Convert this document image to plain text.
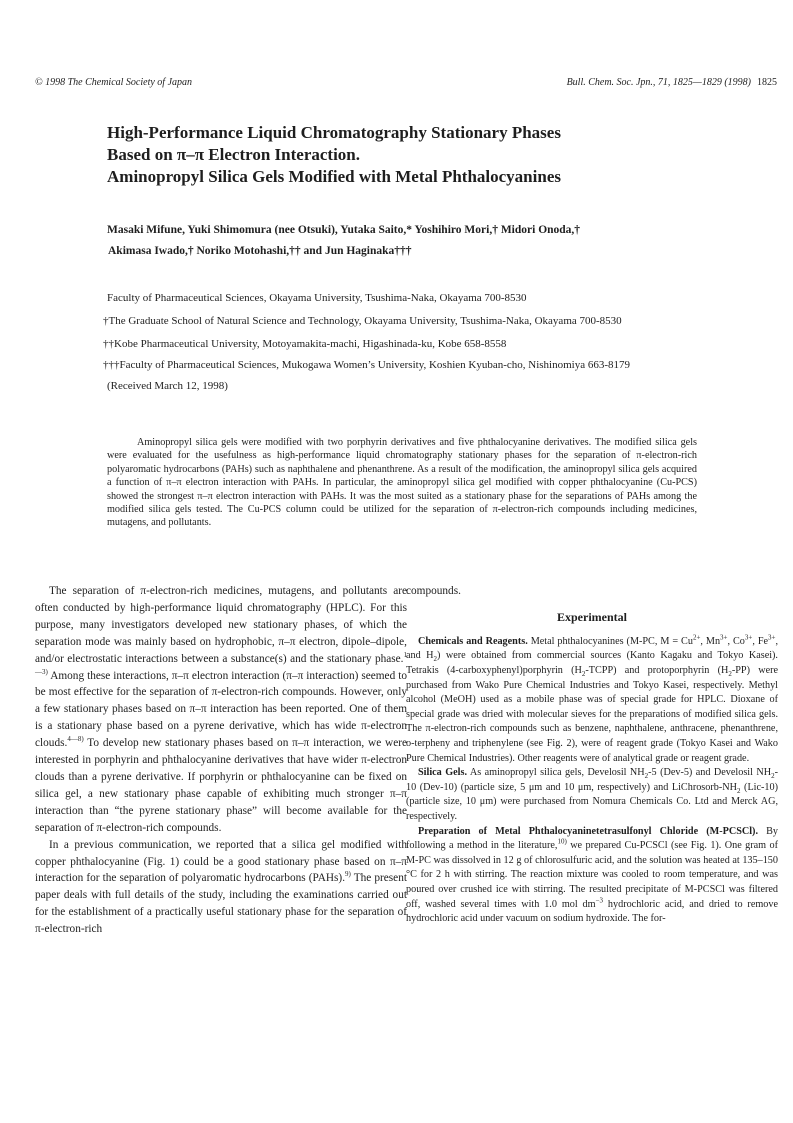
© 1998 The Chemical Society of Japan	Bull. Chem. Soc. Jpn., 71, 1825—1829 (1998) 1825
High-Performance Liquid Chromatography Stationary Phases
Based on π–π Electron Interaction.
Aminopropyl Silica Gels Modified with Metal Phthalocyanines
Masaki Mifune, Yuki Shimomura (nee Otsuki), Yutaka Saito,* Yoshihiro Mori,† Midori Onoda,†
Akimasa Iwado,† Noriko Motohashi,†† and Jun Haginaka†††
Faculty of Pharmaceutical Sciences, Okayama University, Tsushima-Naka, Okayama 700-8530
†The Graduate School of Natural Science and Technology, Okayama University, Tsushima-Naka, Okayama 700-8530
††Kobe Pharmaceutical University, Motoyamakita-machi, Higashinada-ku, Kobe 658-8558
†††Faculty of Pharmaceutical Sciences, Mukogawa Women’s University, Koshien Kyuban-cho, Nishinomiya 663-8179
(Received March 12, 1998)
Aminopropyl silica gels were modified with two porphyrin derivatives and five phthalocyanine derivatives. The modified silica gels were evaluated for the usefulness as high-performance liquid chromatography stationary phases for the separation of π-electron-rich polyaromatic hydrocarbons (PAHs) such as naphthalene and phenanthrene. As a result of the modification, the aminopropyl silica gels acquired a function of π–π electron interaction with PAHs. In particular, the aminopropyl silica gel modified with copper phthalocyanine (Cu-PCS) showed the strongest π–π electron interaction with PAHs. It was the most suited as a stationary phase for the separations of PAHs among the modified silica gels tested. The Cu-PCS column could be utilized for the separation of π-electron-rich compounds including medicines, mutagens, and pollutants.

The separation of π-electron-rich medicines, mutagens, and pollutants are often conducted by high-performance liquid chromatography (HPLC). For this purpose, many investigators developed new stationary phases, of which the separation mode was mainly based on hydrophobic, π–π electron, dipole–dipole, and/or electrostatic interactions between a substance(s) and the stationary phase.$^{1—3)}$ Among these interactions, π–π electron interaction (π–π interaction) seemed to be most effective for the separation of π-electron-rich compounds. However, only a few stationary phases based on π–π interaction has been reported. One of them is a stationary phase based on a pyrene derivative, which has wide π-electron clouds.$^{4—8)}$ To develop new stationary phases based on π–π interaction, we were interested in porphyrin and phthalocyanine derivatives that have wider π-electron clouds than a pyrene derivative. If porphyrin or phthalocyanine can be fixed on silica gel, a new stationary phase capable of exhibiting much stronger π–π interaction than “the pyrene stationary phase” will become available for the separation of π-electron-rich compounds.

In a previous communication, we reported that a silica gel modified with copper phthalocyanine (Fig. 1) could be a good stationary phase based on π–π interaction for the separation of polyaromatic hydrocarbons (PAHs).$^{9)}$ The present paper deals with full details of the study, including the examinations carried out for the establishment of a practically useful stationary phase for the separation of π-electron-rich

compounds.

Experimental

Chemicals and Reagents. Metal phthalocyanines (M-PC, $M = Cu^{2+}$, $Mn^{3+}$, $Co^{3+}$, $Fe^{3+}$, and $H_2$) were obtained from commercial sources (Kanto Kagaku and Tokyo Kasei). Tetrakis (4-carboxyphenyl)porphyrin $(H_2-TCPP)$ and protoporphyrin $(H_2-PP)$ were purchased from Wako Pure Chemical Industries and Tokyo Kasei, respectively. Methyl alcohol (MeOH) used as a mobile phase was of special grade for HPLC. Dioxane of special grade was dried with molecular sieves for the preparations of modified silica gels. The π-electron-rich compounds such as benzene, naphthalene, anthracene, phenanthrene, o-terpheny and triphenylene (see Fig. 2), were of reagent grade (Tokyo Kasei and Wako Pure Chemical Industries). Other reagents were of analytical grade or reagent grade.

Silica Gels. As aminopropyl silica gels, Develosil $NH_2-5$ (Dev-5) and Develosil $NH_2-10$ (Dev-10) (particle size, 5 μm and 10 μm, respectively) and LiChrosorb-$NH_2$ (Lic-10) (particle size, 10 μm) were purchased from Nomura Chemicals Co. Ltd and Merck AG, respectively.

Preparation of Metal Phthalocyaninetetrasulfonyl Chloride (M-PCSCl). By following a method in the literature,$^{10)}$ we prepared Cu-PCSCl (see Fig. 1). One gram of M-PC was dissolved in 12 g of chlorosulfuric acid, and the solution was heated at 135–150 °C for 2 h with stirring. The reaction mixture was cooled to room temperature, and was poured over crushed ice with stirring. The resulted precipitate of M-PCSCl was filtered off, washed several times with 1.0 mol $dm^{-3}$ hydrochloric acid, and dried to remove hydrochloric acid under vacuum on sodium hydroxide. The for-
